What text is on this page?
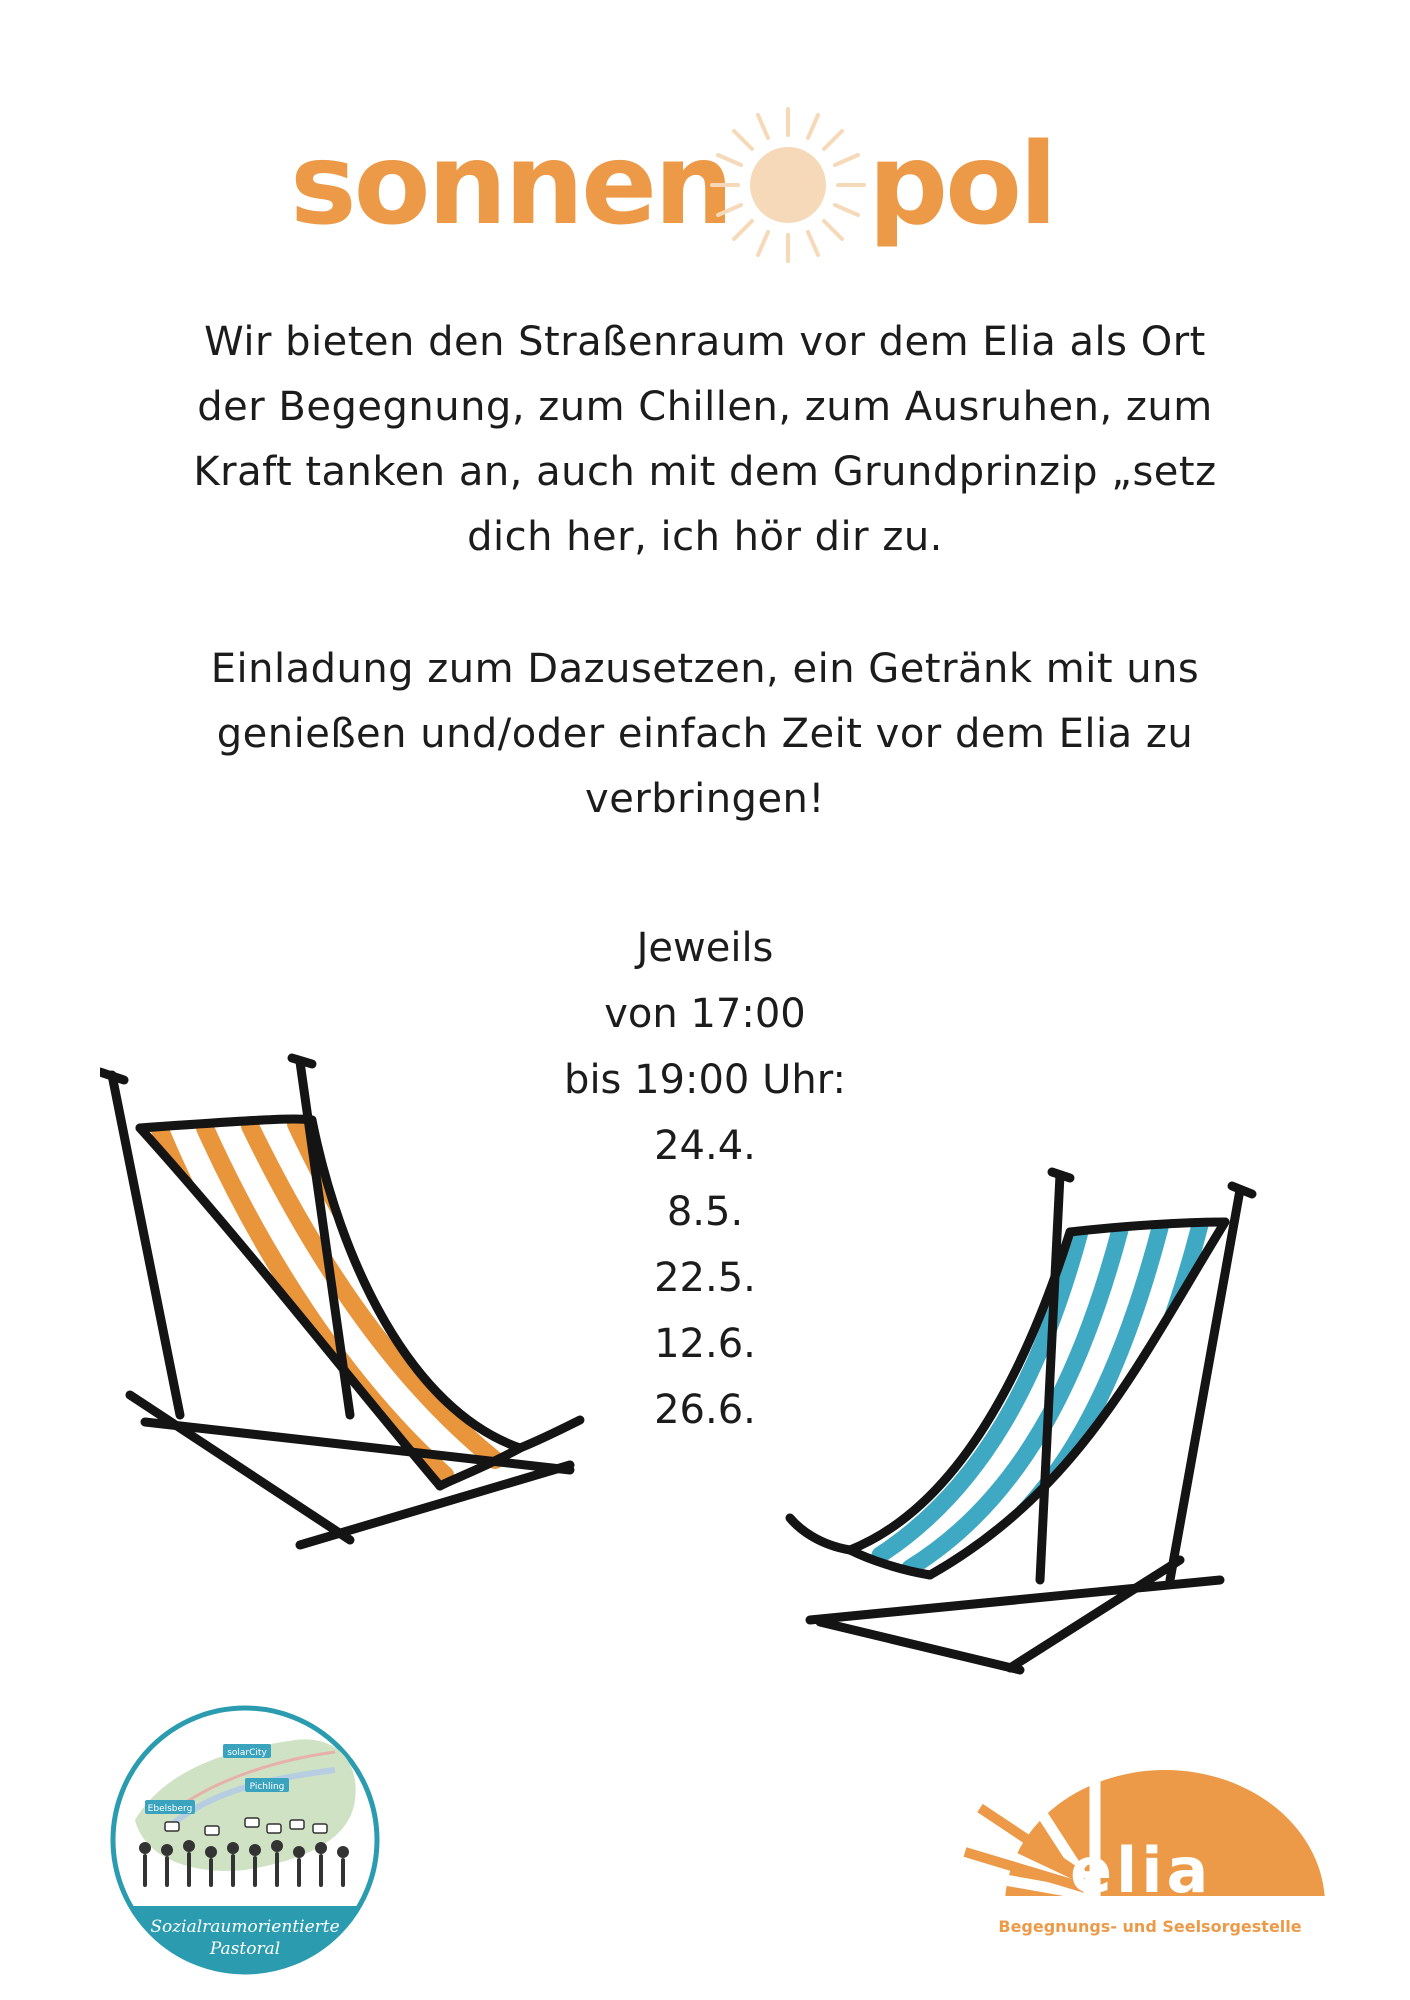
sonnen pol
Wir bieten den Straßenraum vor dem Elia als Ort
der Begegnung, zum Chillen, zum Ausruhen, zum
Kraft tanken an, auch mit dem Grundprinzip „setz
dich her, ich hör dir zu.
Einladung zum Dazusetzen, ein Getränk mit uns
genießen und/oder einfach Zeit vor dem Elia zu
verbringen!
Jeweils
von 17:00
bis 19:00 Uhr:
24.4.
8.5.
22.5.
12.6.
26.6.
solarCity
Pichling
Ebelsberg
Sozialraumorientierte
Pastoral
elia
Begegnungs- und Seelsorgestelle
